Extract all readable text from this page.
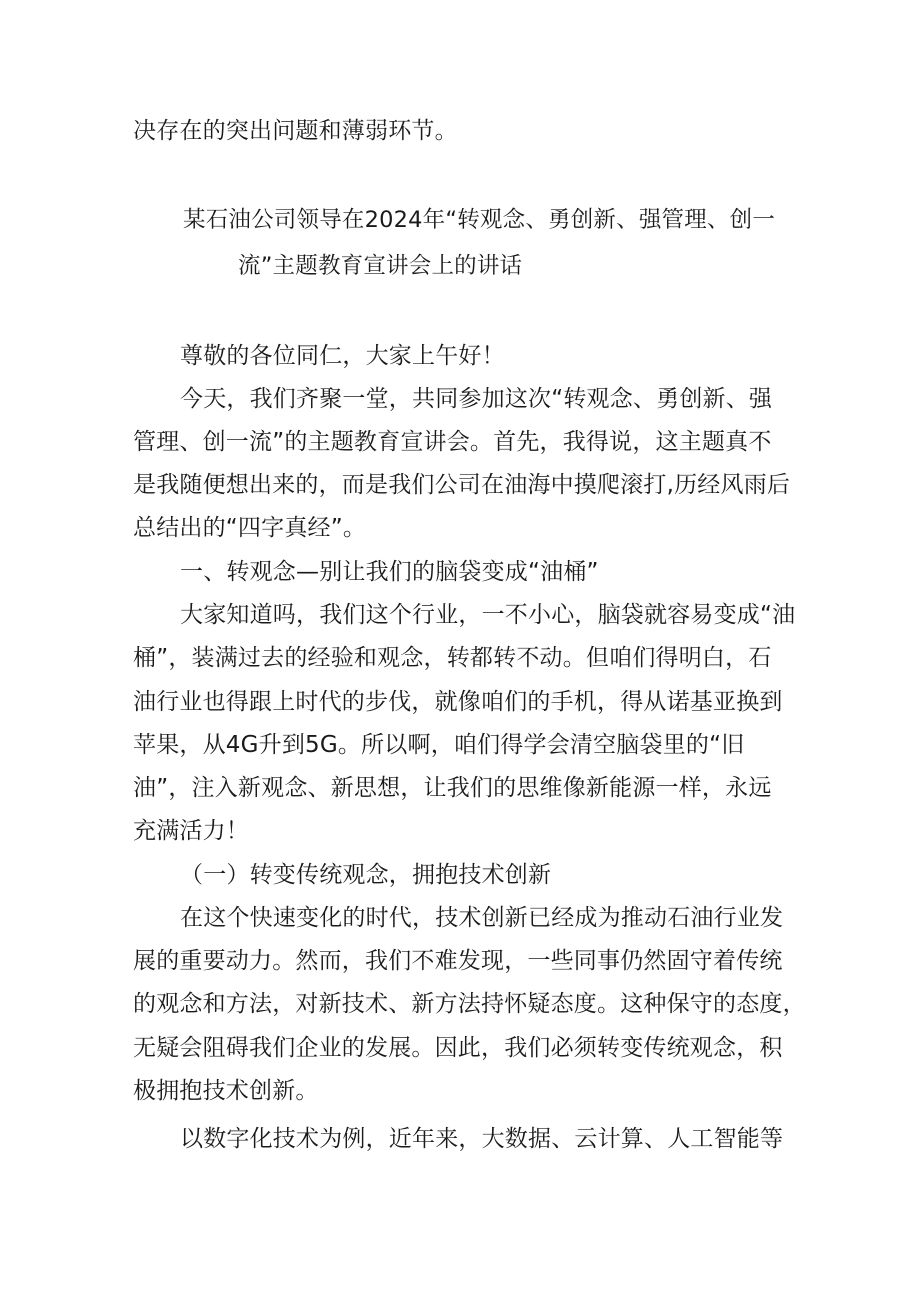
决存在的突出问题和薄弱环节。
某石油公司领导在2024年“转观念、勇创新、强管理、创一
流”主题教育宣讲会上的讲话
尊敬的各位同仁，大家上午好！
今天，我们齐聚一堂，共同参加这次“转观念、勇创新、强
管理、创一流”的主题教育宣讲会。首先，我得说，这主题真不
是我随便想出来的，而是我们公司在油海中摸爬滚打,历经风雨后
总结出的“四字真经”。
一、转观念—别让我们的脑袋变成“油桶”
大家知道吗，我们这个行业，一不小心，脑袋就容易变成“油
桶”，装满过去的经验和观念，转都转不动。但咱们得明白，石
油行业也得跟上时代的步伐，就像咱们的手机，得从诺基亚换到
苹果，从4G升到5G。所以啊，咱们得学会清空脑袋里的“旧
油”，注入新观念、新思想，让我们的思维像新能源一样，永远
充满活力！
（一）转变传统观念，拥抱技术创新
在这个快速变化的时代，技术创新已经成为推动石油行业发
展的重要动力。然而，我们不难发现，一些同事仍然固守着传统
的观念和方法，对新技术、新方法持怀疑态度。这种保守的态度，
无疑会阻碍我们企业的发展。因此，我们必须转变传统观念，积
极拥抱技术创新。
以数字化技术为例，近年来，大数据、云计算、人工智能等
